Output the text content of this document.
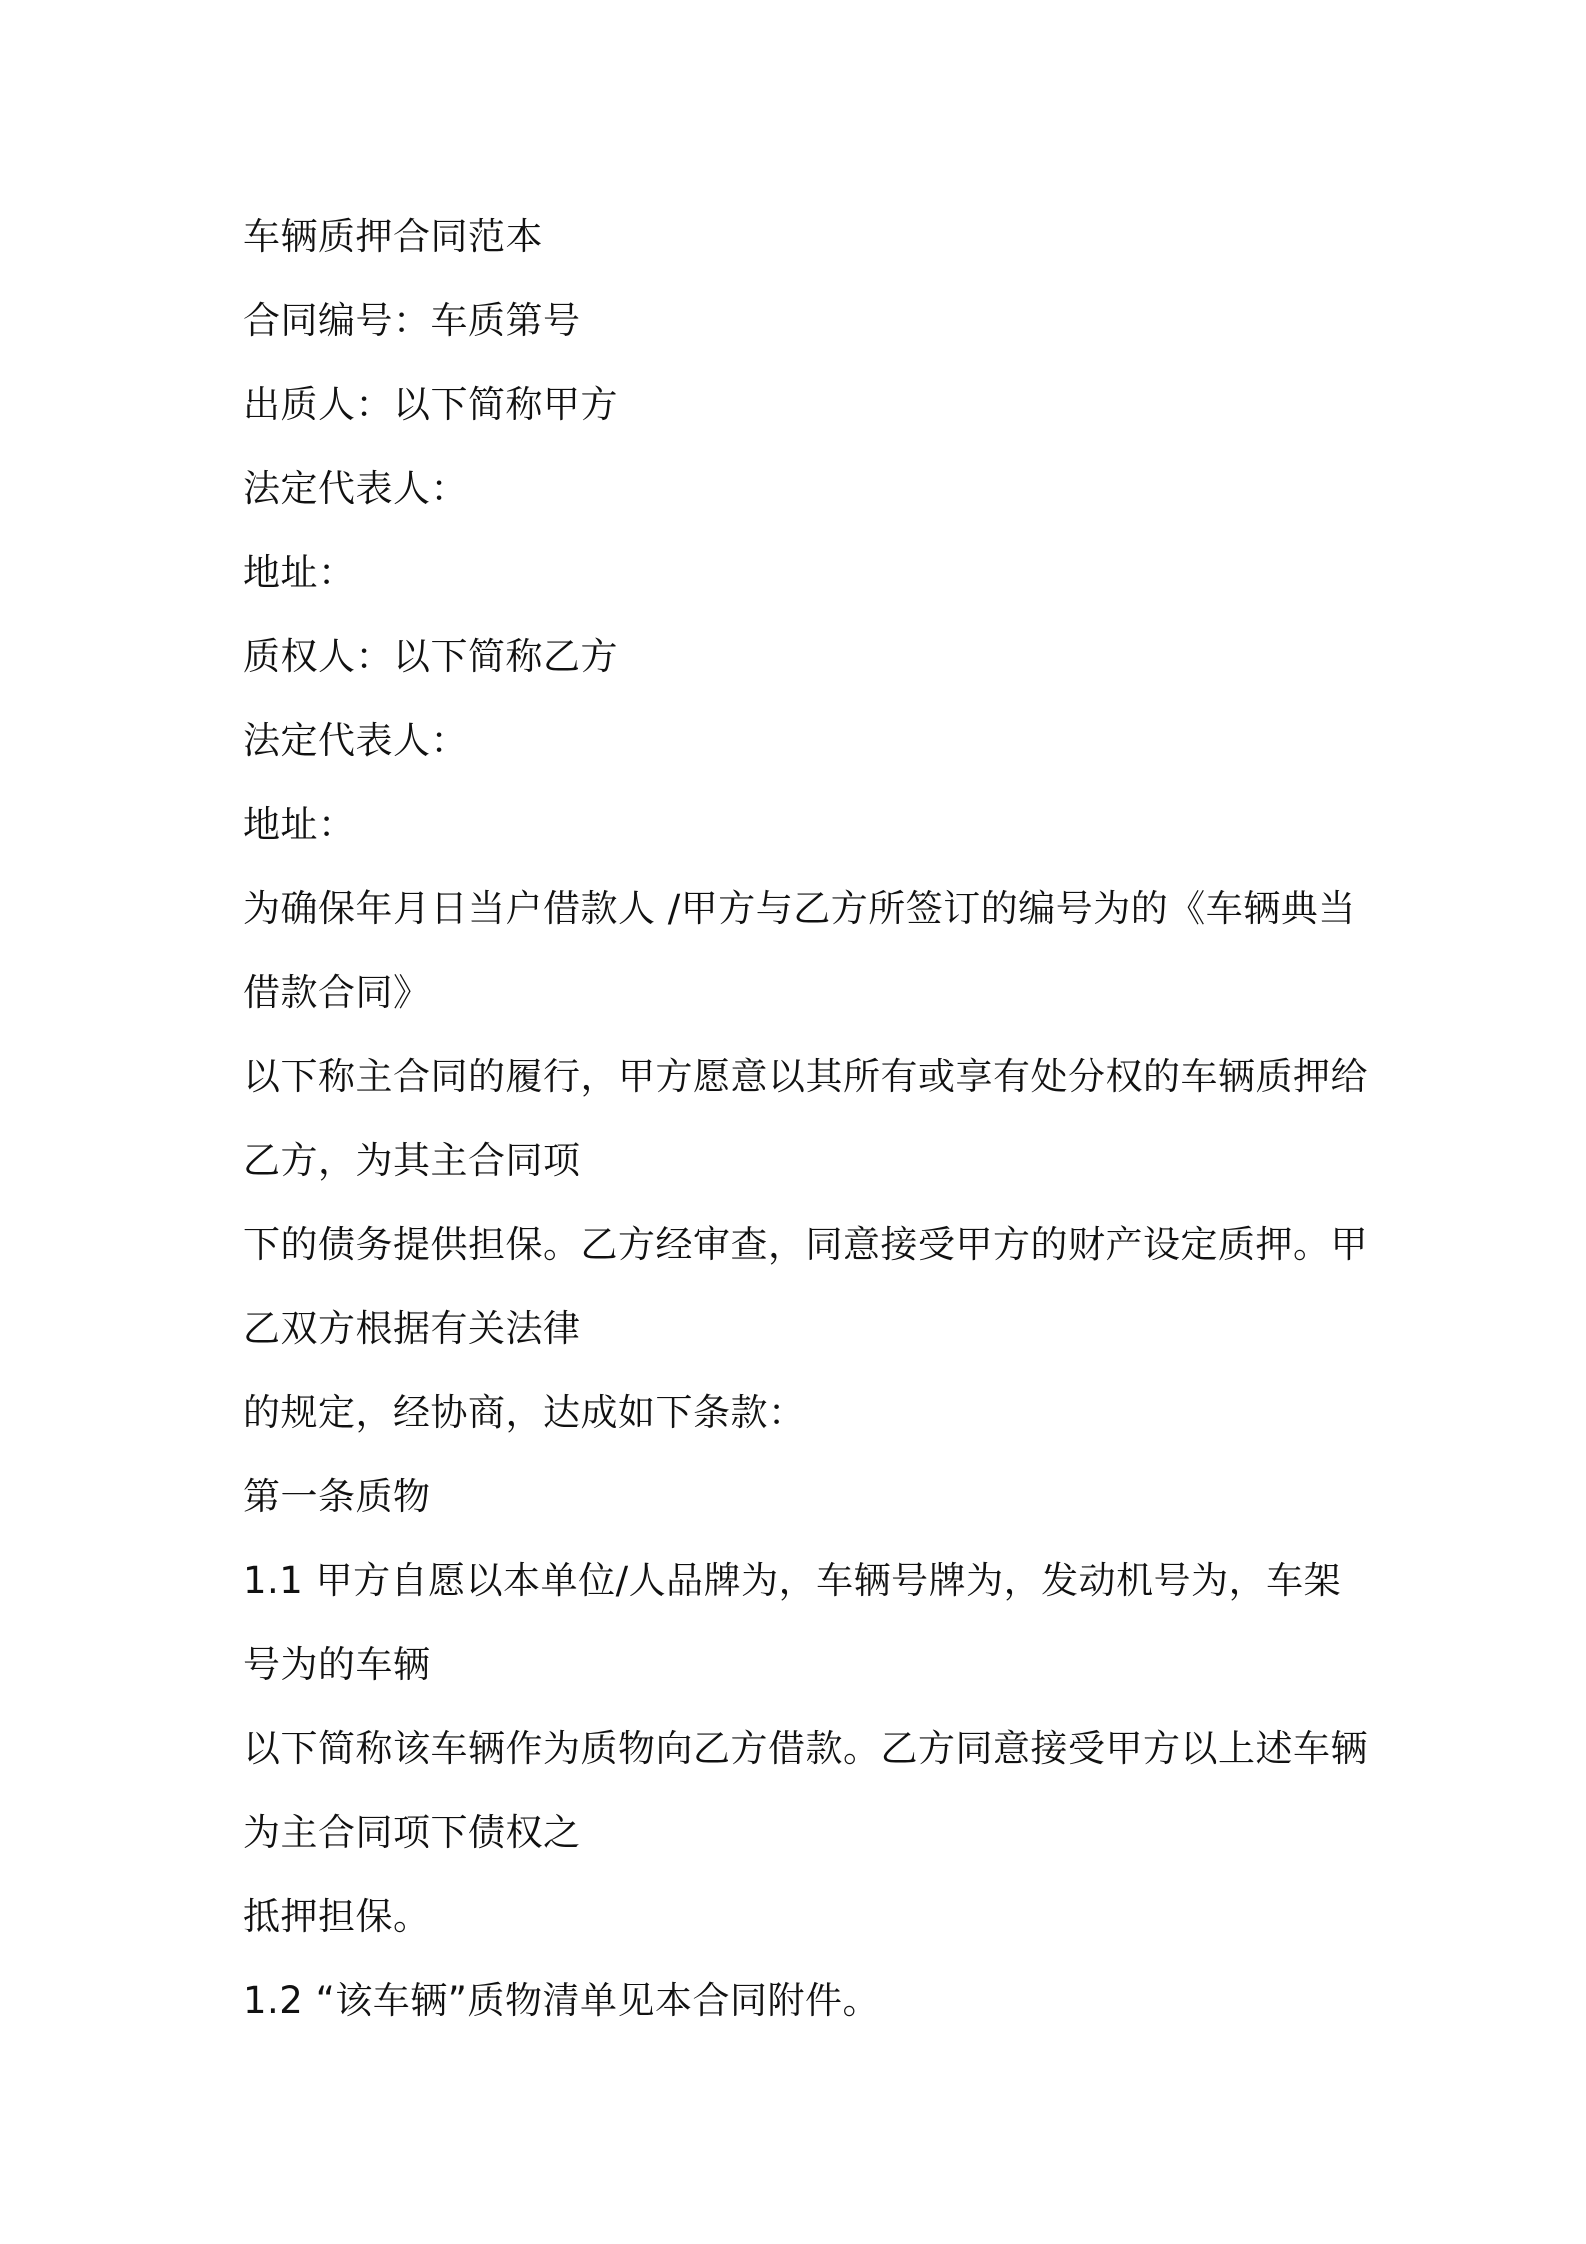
车辆质押合同范本
合同编号：车质第号
出质人：以下简称甲方
法定代表人：
地址：
质权人：以下简称乙方
法定代表人：
地址：
为确保年月日当户借款人 /甲方与乙方所签订的编号为的《车辆典当
借款合同》
以下称主合同的履行，甲方愿意以其所有或享有处分权的车辆质押给
乙方，为其主合同项
下的债务提供担保。乙方经审查，同意接受甲方的财产设定质押。甲
乙双方根据有关法律
的规定，经协商，达成如下条款：
第一条质物
1.1 甲方自愿以本单位/人品牌为，车辆号牌为，发动机号为，车架
号为的车辆
以下简称该车辆作为质物向乙方借款。乙方同意接受甲方以上述车辆
为主合同项下债权之
抵押担保。
1.2 “该车辆”质物清单见本合同附件。
